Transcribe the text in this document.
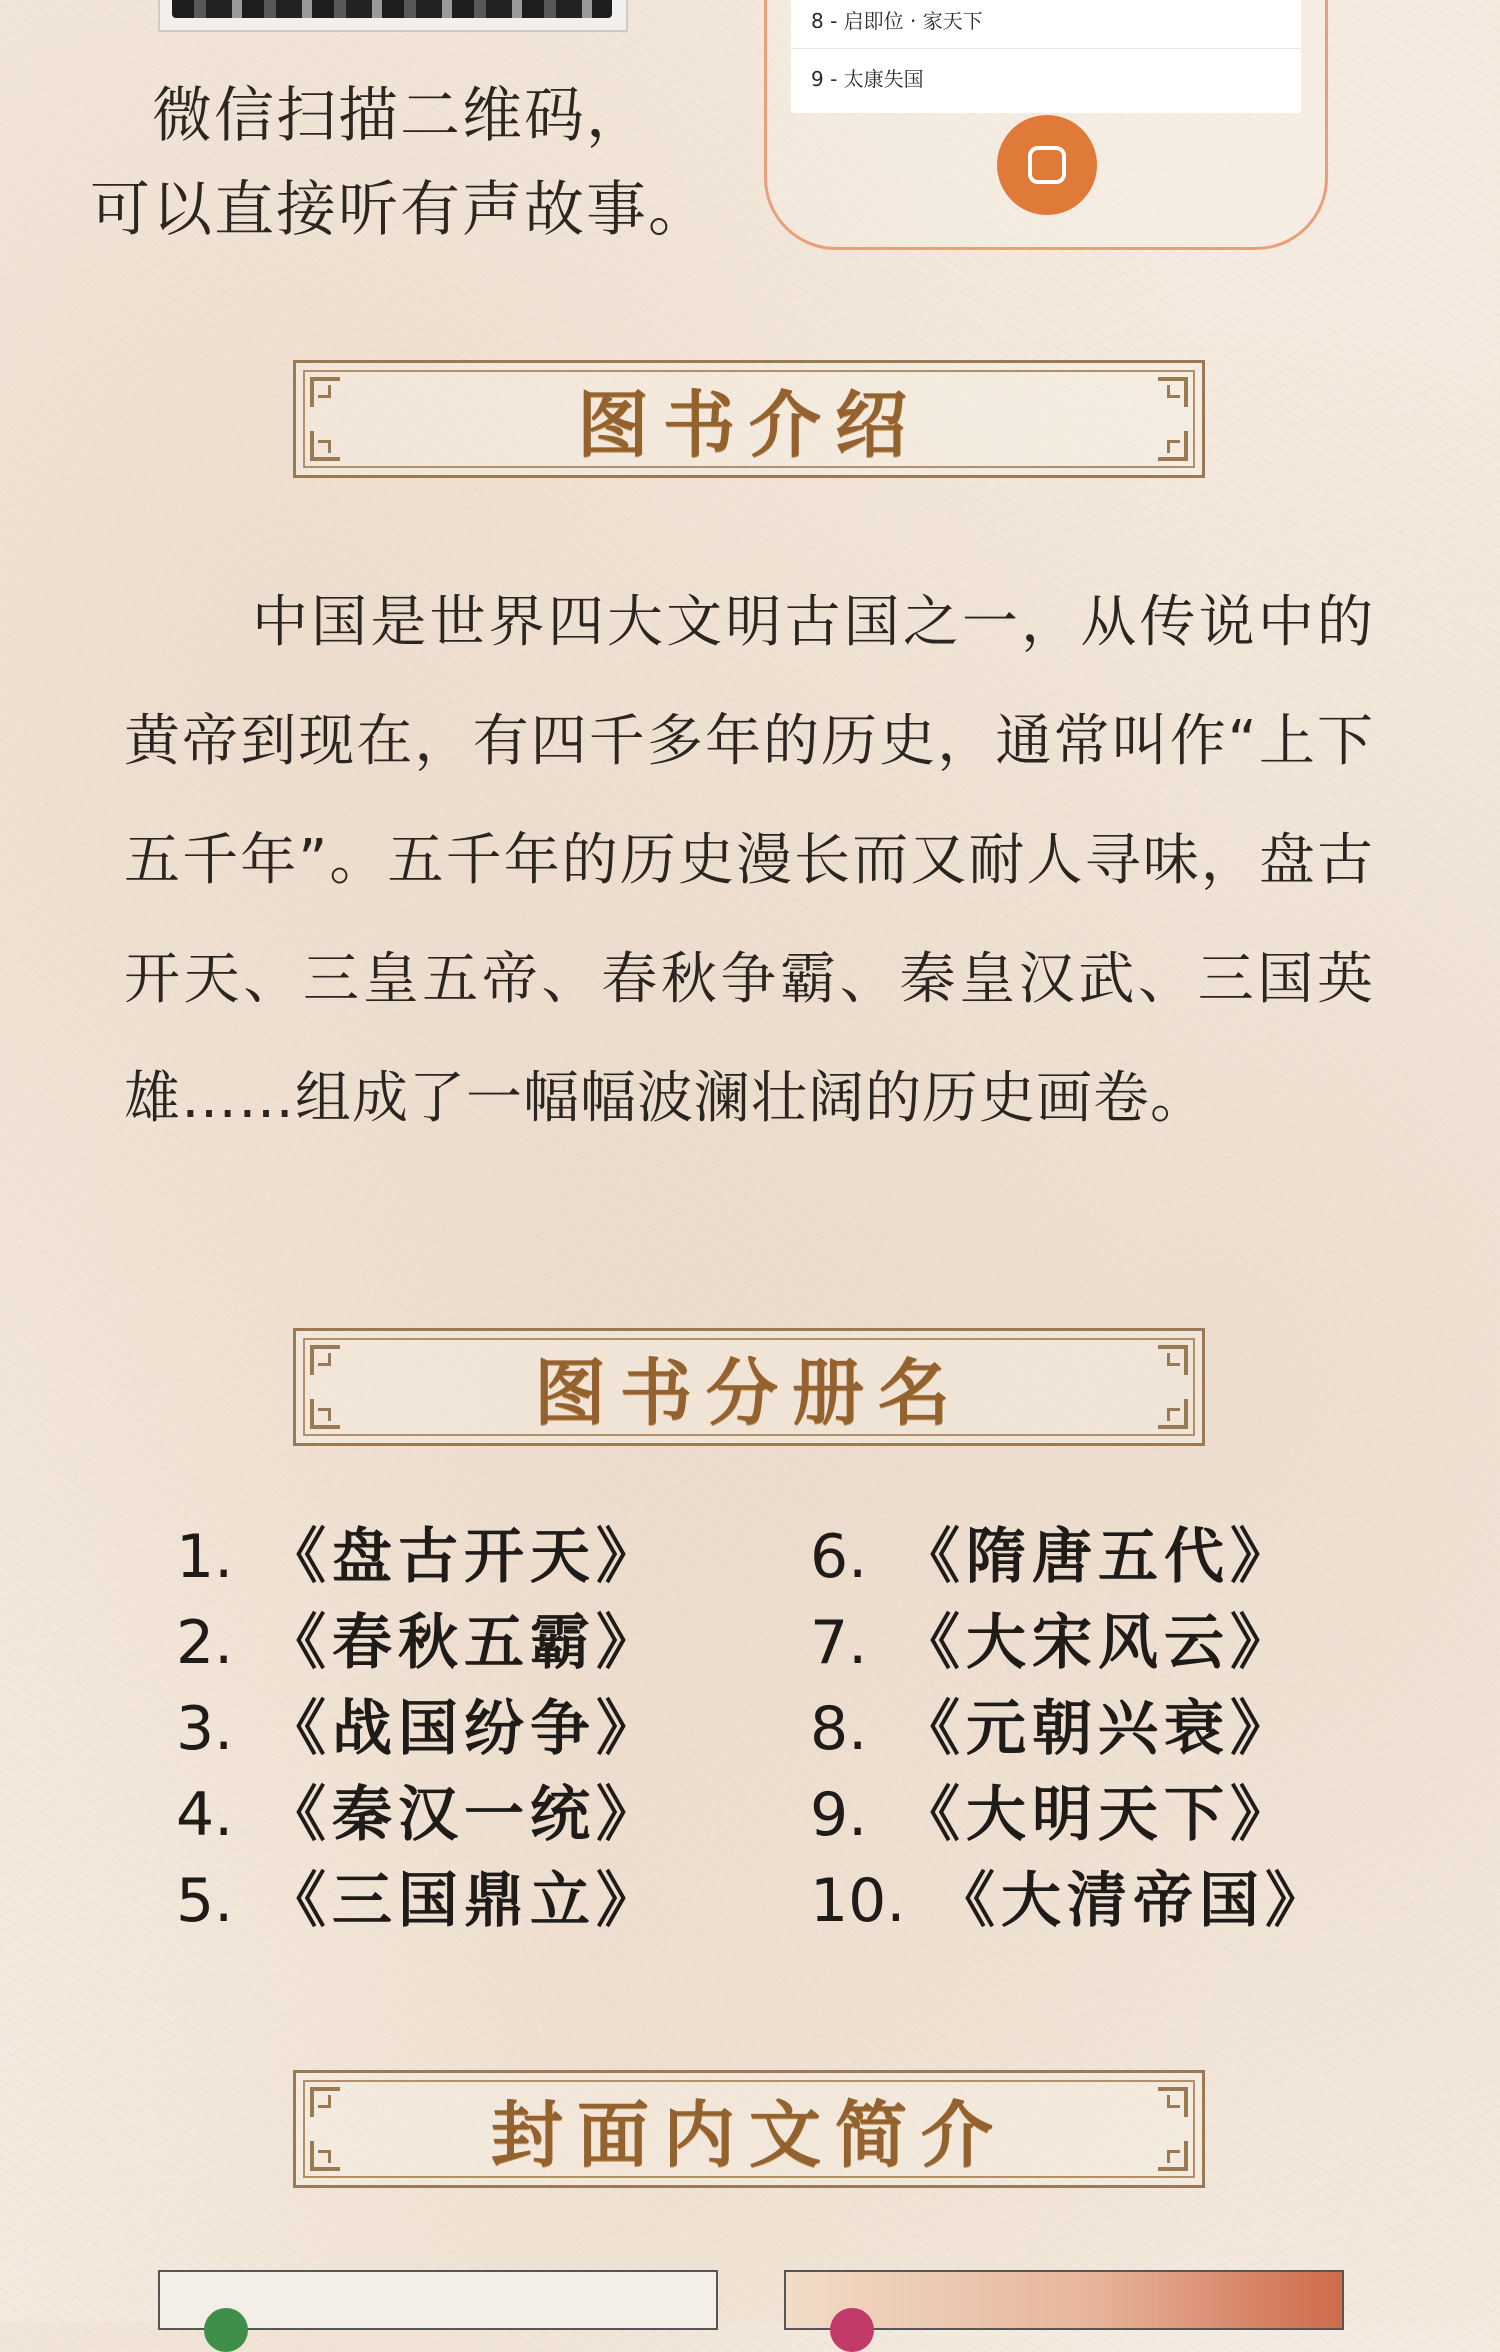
微信扫描二维码，
可以直接听有声故事。
8 - 启即位 · 家天下
9 - 太康失国
图书介绍

中国是世界四大文明古国之一，从传说中的黄帝到现在，有四千多年的历史，通常叫作“上下五千年”。五千年的历史漫长而又耐人寻味，盘古开天、三皇五帝、春秋争霸、秦皇汉武、三国英雄……组成了一幅幅波澜壮阔的历史画卷。

图书分册名
1. 《盘古开天》
2. 《春秋五霸》
3. 《战国纷争》
4. 《秦汉一统》
5. 《三国鼎立》
6. 《隋唐五代》
7. 《大宋风云》
8. 《元朝兴衰》
9. 《大明天下》
10. 《大清帝国》
封面内文简介
